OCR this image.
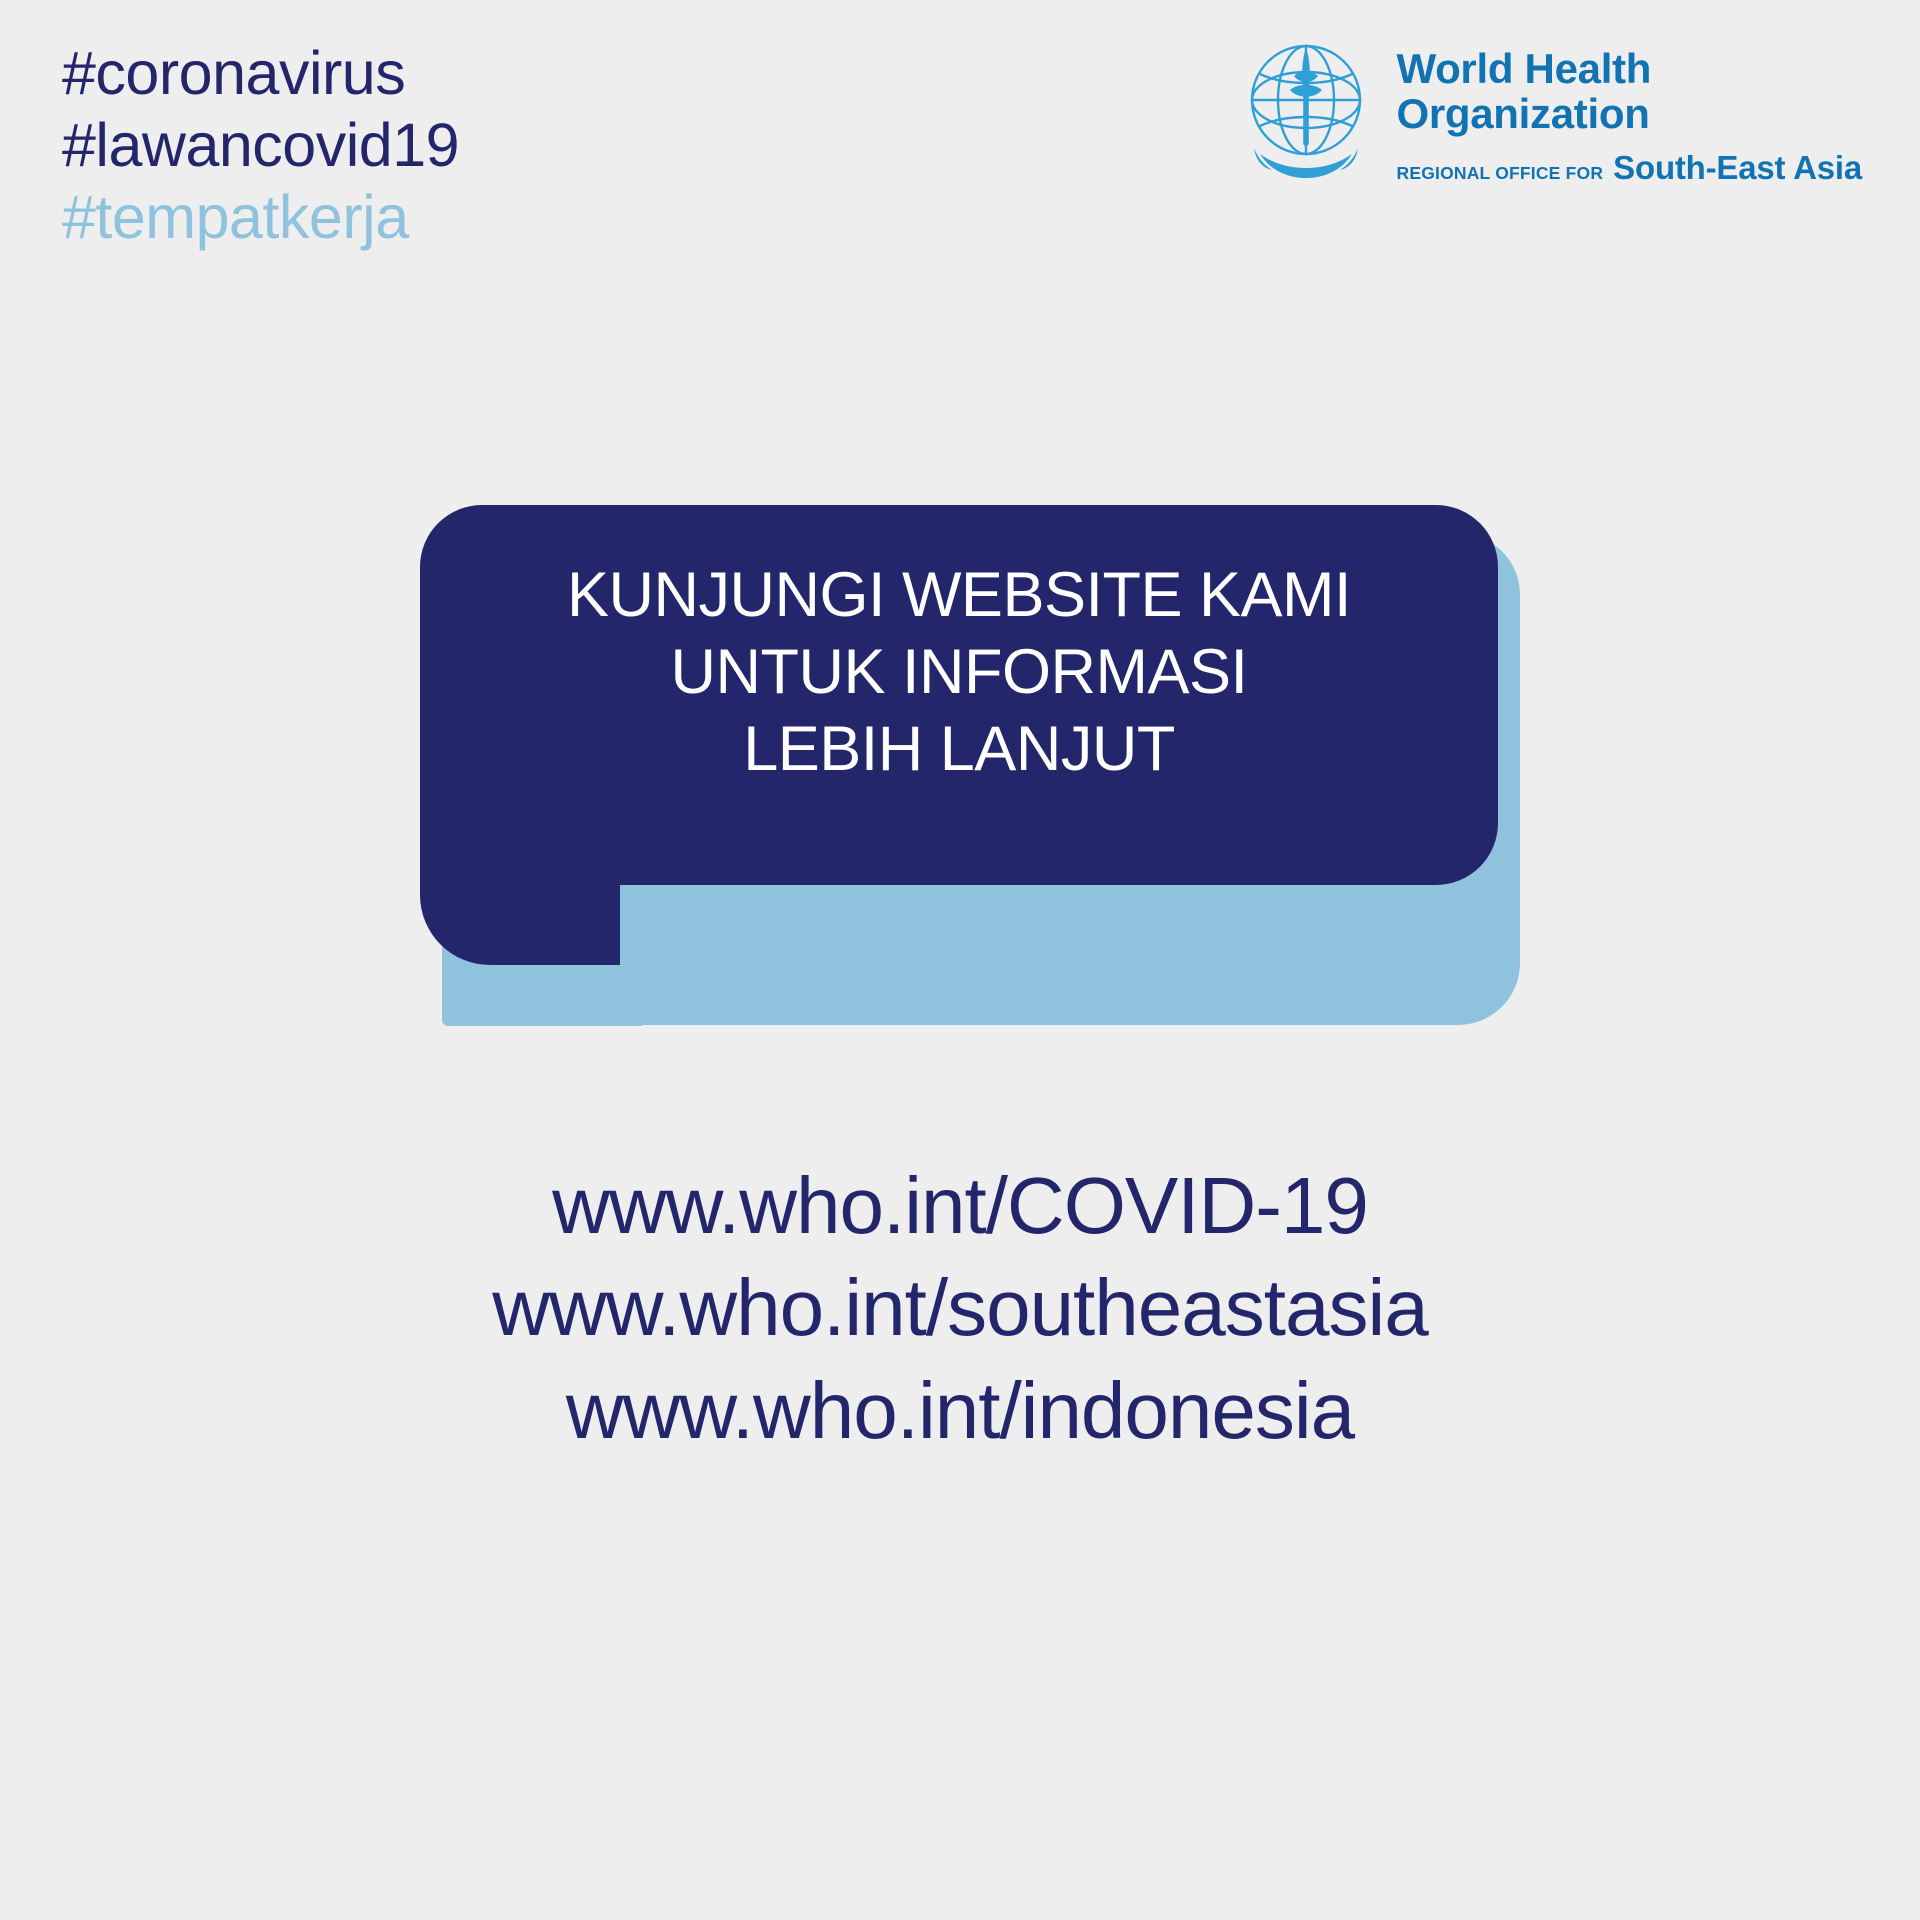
#coronavirus
#lawancovid19
#tempatkerja
World Health
Organization
REGIONAL OFFICE FOR South-East Asia
KUNJUNGI WEBSITE KAMI
UNTUK INFORMASI
LEBIH LANJUT
www.who.int/COVID-19
www.who.int/southeastasia
www.who.int/indonesia
